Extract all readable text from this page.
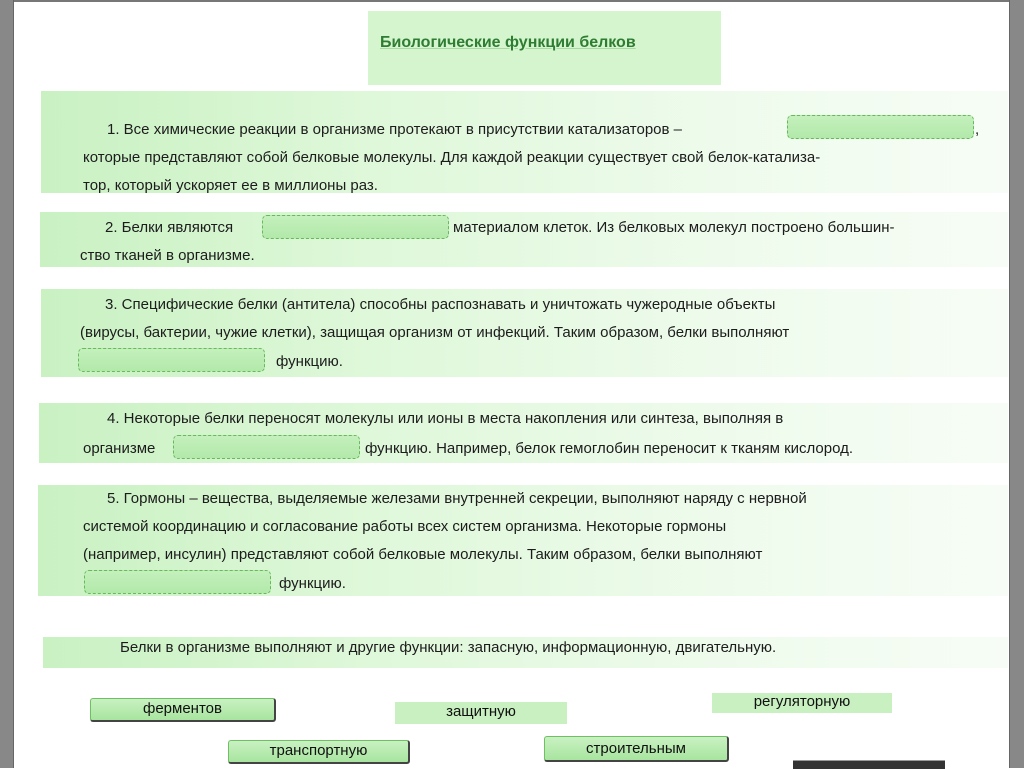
Биологические функции белков
1. Все химические реакции в организме протекают в присутствии катализаторов –	,
которые представляют собой белковые молекулы. Для каждой реакции существует свой белок-катализа-
тор, который ускоряет ее в миллионы раз.
2. Белки являются	материалом клеток. Из белковых молекул построено большин-
ство тканей в организме.
3. Специфические белки (антитела) способны распознавать и уничтожать чужеродные объекты
(вирусы, бактерии, чужие клетки), защищая организм от инфекций. Таким образом, белки выполняют
функцию.
4. Некоторые белки переносят молекулы или ионы в места накопления или синтеза, выполняя в
организме	функцию. Например, белок гемоглобин переносит к тканям кислород.
5. Гормоны – вещества, выделяемые железами внутренней секреции, выполняют наряду с нервной
системой координацию и согласование работы всех систем организма. Некоторые гормоны
(например, инсулин) представляют собой белковые молекулы. Таким образом, белки выполняют
функцию.
Белки в организме выполняют и другие функции: запасную, информационную, двигательную.
ферментов	защитную
регуляторную
транспортную	строительным
